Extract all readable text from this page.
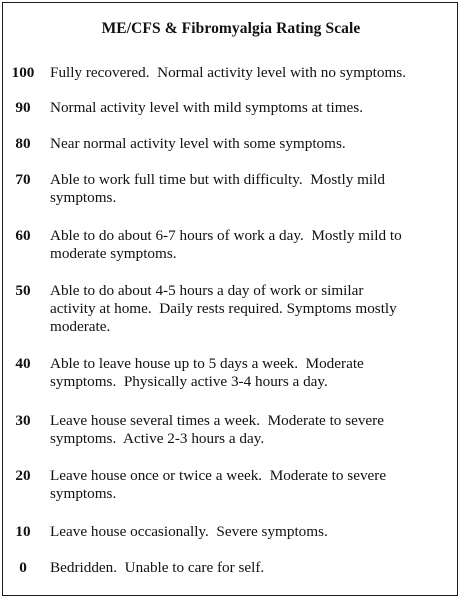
ME/CFS & Fibromyalgia Rating Scale
100	Fully recovered.  Normal activity level with no symptoms.
90	Normal activity level with mild symptoms at times.
80	Near normal activity level with some symptoms.
70	Able to work full time but with difficulty.  Mostly mild
symptoms.
60	Able to do about 6-7 hours of work a day.  Mostly mild to
moderate symptoms.
50	Able to do about 4-5 hours a day of work or similar
activity at home.  Daily rests required. Symptoms mostly
moderate.
40	Able to leave house up to 5 days a week.  Moderate
symptoms.  Physically active 3-4 hours a day.
30	Leave house several times a week.  Moderate to severe
symptoms.  Active 2-3 hours a day.
20	Leave house once or twice a week.  Moderate to severe
symptoms.
10	Leave house occasionally.  Severe symptoms.
0	Bedridden.  Unable to care for self.
